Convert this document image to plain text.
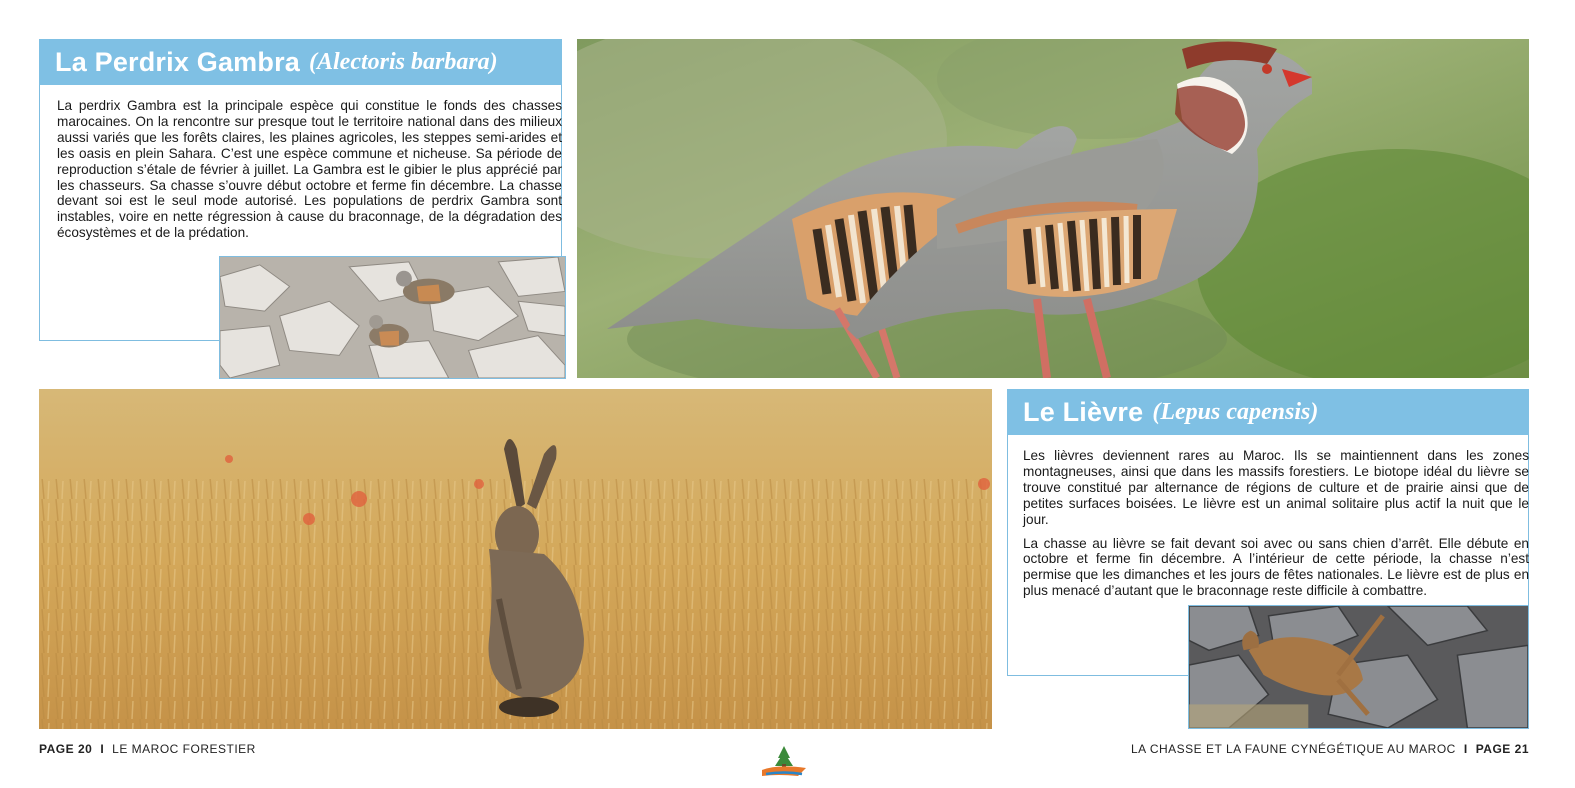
La Perdrix Gambra (Alectoris barbara)

La perdrix Gambra est la principale espèce qui constitue le fonds des chasses marocaines. On la rencontre sur presque tout le territoire national dans des milieux aussi variés que les forêts claires, les plaines agricoles, les steppes semi-arides et les oasis en plein Sahara. C’est une espèce commune et nicheuse. Sa période de reproduction s’étale de février à juillet. La Gambra est le gibier le plus apprécié par les chasseurs. Sa chasse s’ouvre début octobre et ferme fin décembre. La chasse devant soi est le seul mode autorisé. Les populations de perdrix Gambra sont instables, voire en nette régression à cause du braconnage, de la dégradation des écosystèmes et de la prédation.

Le Lièvre (Lepus capensis)

Les lièvres deviennent rares au Maroc. Ils se maintiennent dans les zones montagneuses, ainsi que dans les massifs forestiers. Le biotope idéal du lièvre se trouve constitué par alternance de régions de culture et de prairie ainsi que de petites surfaces boisées. Le lièvre est un animal solitaire plus actif la nuit que le jour.

La chasse au lièvre se fait devant soi avec ou sans chien d’arrêt. Elle débute en octobre et ferme fin décembre. A l’intérieur de cette période, la chasse n’est permise que les dimanches et les jours de fêtes nationales. Le lièvre est de plus en plus menacé d’autant que le braconnage reste difficile à combattre.

PAGE 20 I LE MAROC FORESTIER	LA CHASSE ET LA FAUNE CYNÉGÉTIQUE AU MAROC I PAGE 21
